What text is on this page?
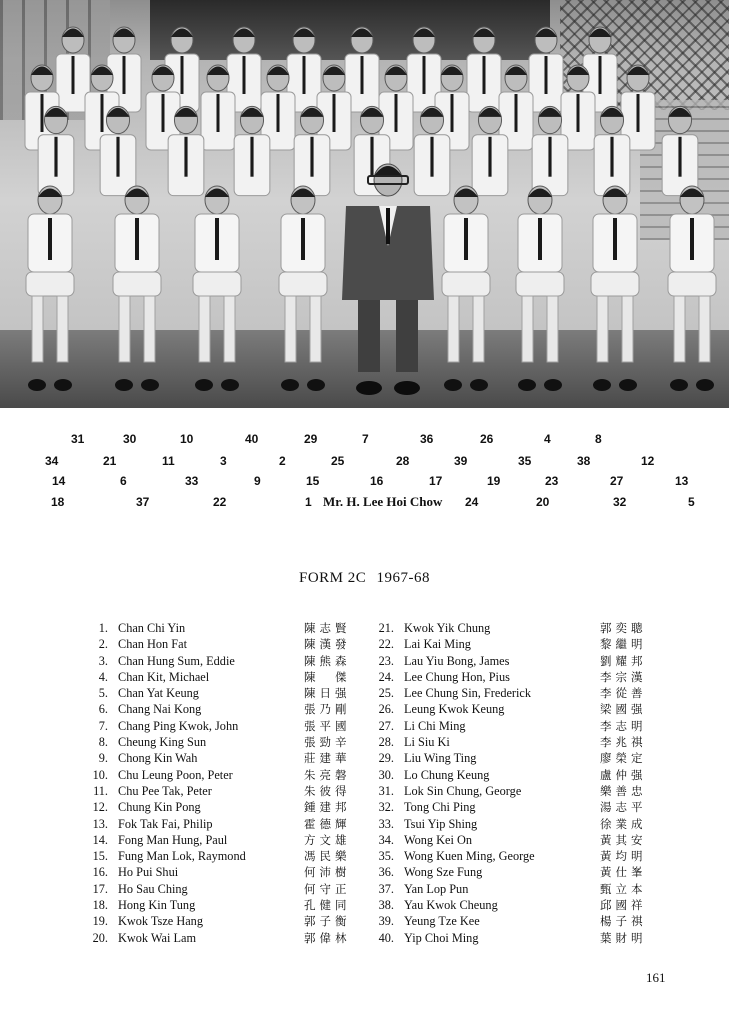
31	30	10	40	29	7	36	26	4	8
34	21	11	3	2	25	28	39	35	38	12
14	6	33	9	15	16	17	19	23	27	13
18	37	22	1 Mr. H. Lee Hoi Chow 24	20	32	5
FORM 2C 1967-68
1. Chan Chi Yin	陳志賢
2. Chan Hon Fat	陳漢發
3. Chan Hung Sum, Eddie	陳熊森
4. Chan Kit, Michael	陳　傑
5. Chan Yat Keung	陳日强
6. Chang Nai Kong	張乃剛
7. Chang Ping Kwok, John	張平國
8. Cheung King Sun	張勁辛
9. Chong Kin Wah	莊建華
10. Chu Leung Poon, Peter	朱亮磐
11. Chu Pee Tak, Peter	朱彼得
12. Chung Kin Pong	鍾建邦
13. Fok Tak Fai, Philip	霍德輝
14. Fong Man Hung, Paul	方文雄
15. Fung Man Lok, Raymond	馮民樂
16. Ho Pui Shui	何沛樹
17. Ho Sau Ching	何守正
18. Hong Kin Tung	孔健同
19. Kwok Tsze Hang	郭子衡
20. Kwok Wai Lam	郭偉林
21. Kwok Yik Chung	郭奕聰
22. Lai Kai Ming	黎繼明
23. Lau Yiu Bong, James	劉耀邦
24. Lee Chung Hon, Pius	李宗漢
25. Lee Chung Sin, Frederick	李從善
26. Leung Kwok Keung	梁國强
27. Li Chi Ming	李志明
28. Li Siu Ki	李兆祺
29. Liu Wing Ting	廖榮定
30. Lo Chung Keung	盧仲强
31. Lok Sin Chung, George	樂善忠
32. Tong Chi Ping	湯志平
33. Tsui Yip Shing	徐業成
34. Wong Kei On	黃其安
35. Wong Kuen Ming, George	黃均明
36. Wong Sze Fung	黃仕峯
37. Yan Lop Pun	甄立本
38. Yau Kwok Cheung	邱國祥
39. Yeung Tze Kee	楊子祺
40. Yip Choi Ming	葉財明
161
